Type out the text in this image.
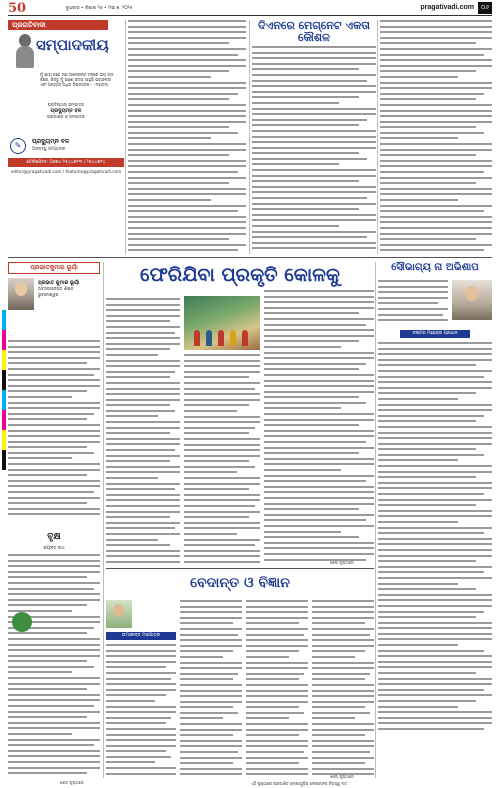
50	ବୁଧବାର • ବିଶାଖ ୨୬ • ମଇ ୭, ୨୦୨୫	pragativadi.com	୦୬
ପ୍ରଗତିବାଦୀ
ସମ୍ପାଦକୀୟ
ମୁଁ ଯାହା କହେ ତାହା ଅନେକଙ୍କ ମନରେ ଭୟ ଜାତ କରେ, କିନ୍ତୁ ମୁଁ ଜାଣେ ସତ୍ୟ ଆହୁରି ଭୟଙ୍କର ଏବଂ ଅନ୍ୟାୟ ଅଧିକ ବିପଜ୍ଜନକ। - ମହାତ୍ମା
ପ୍ରତିଷ୍ଠାତା ସମ୍ପାଦକ
ପ୍ରଦ୍ୟୁମ୍ନ ବଳ
ପ୍ରକାଶକ ଓ ସମ୍ପାଦକ
✎	ପ୍ରଦ୍ୟୁମ୍ନ ବଳ
ଅନ୍ତଃସ୍ଥ ସମ୍ପାଦକ
ଟେଲିଫୋନ: ୦୬୭୪-୨୫୪୪୭୧୩ / ୨୫୪୪୭୧୪
editor@pragativadi.com / features@pragativadi.com
ଦିଏନରେ ମେଗ୍ନେଟ ଏକତା କୌଶଳ
ପ୍ରଭାତକୁମାର ଭୂୟାଁ
ପ୍ରଭାତ କୁମାର ଭୂୟାଁ
ଅବସରପ୍ରାପ୍ତ ଶିକ୍ଷକ
ଭୁବନେଶ୍ୱର
ଫେରିଯିବା ପ୍ରକୃତି କୋଳକୁ
ଶେଷ ପୃଷ୍ଠାରେ
ସୌଭାଗ୍ୟ ନା ଅଭିଶାପ
ଡକ୍ଟର ମହେନ୍ଦ୍ର ପ୍ରଧାନ
ବୃକ୍ଷ
ଜୟନ୍ତ ରଥ
ଶେଷ ପୃଷ୍ଠାରେ
ବେଦାନ୍ତ ଓ ବିଜ୍ଞାନ
ଉମାକାନ୍ତ ମହାପାତ୍ର
ଶେଷ ପୃଷ୍ଠାରେ
ଏହି ପୃଷ୍ଠାରେ ପ୍ରକାଶିତ ଲେଖାଗୁଡ଼ିକ ଲେଖକଙ୍କ ନିଜସ୍ୱ ମତ
